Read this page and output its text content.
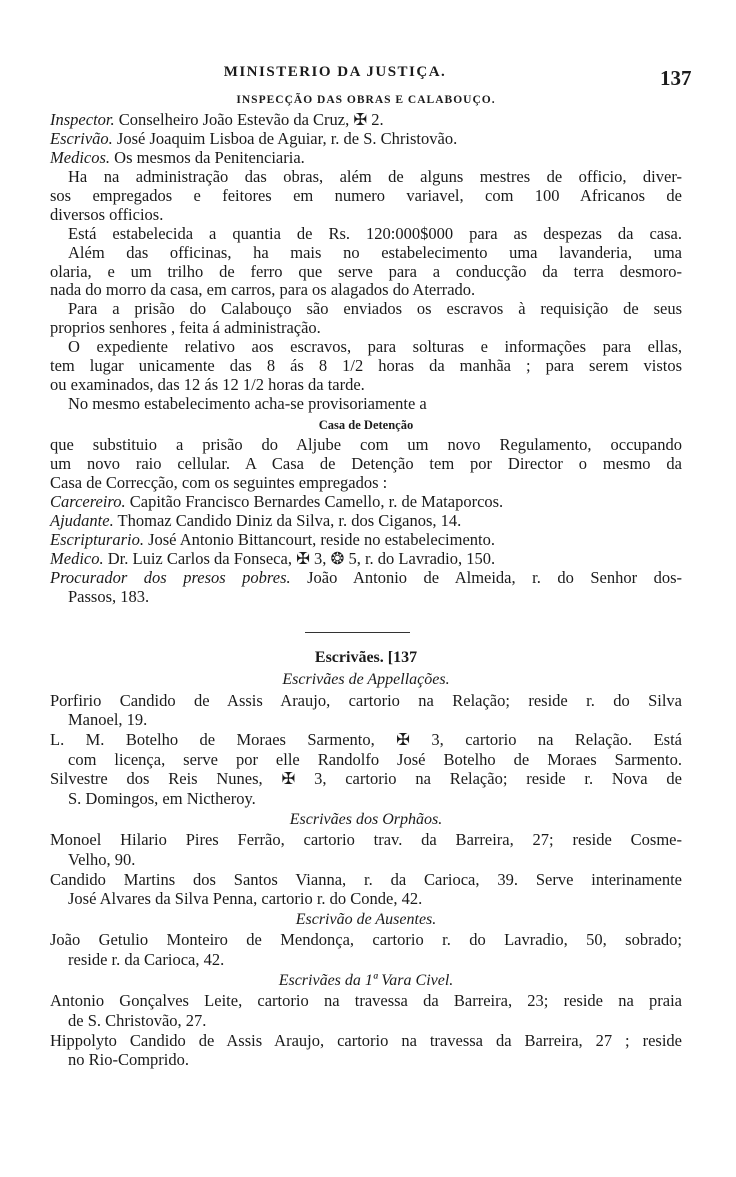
MINISTERIO DA JUSTIÇA.	137
INSPECÇÃO DAS OBRAS E CALABOUÇO.
Inspector. Conselheiro João Estevão da Cruz, ✠ 2.
Escrivão. José Joaquim Lisboa de Aguiar, r. de S. Christovão.
Medicos. Os mesmos da Penitenciaria.
Ha na administração das obras, além de alguns mestres de officio, diver-
sos empregados e feitores em numero variavel, com 100 Africanos de
diversos officios.
Está estabelecida a quantia de Rs. 120:000$000 para as despezas da casa.
Além das officinas, ha mais no estabelecimento uma lavanderia, uma
olaria, e um trilho de ferro que serve para a conducção da terra desmoro-
nada do morro da casa, em carros, para os alagados do Aterrado.
Para a prisão do Calabouço são enviados os escravos à requisição de seus
proprios senhores , feita á administração.
O expediente relativo aos escravos, para solturas e informações para ellas,
tem lugar unicamente das 8 ás 8 1/2 horas da manhãa ; para serem vistos
ou examinados, das 12 ás 12 1/2 horas da tarde.
No mesmo estabelecimento acha-se provisoriamente a
Casa de Detenção
que substituio a prisão do Aljube com um novo Regulamento, occupando
um novo raio cellular. A Casa de Detenção tem por Director o mesmo da
Casa de Correcção, com os seguintes empregados :
Carcereiro. Capitão Francisco Bernardes Camello, r. de Mataporcos.
Ajudante. Thomaz Candido Diniz da Silva, r. dos Ciganos, 14.
Escripturario. José Antonio Bittancourt, reside no estabelecimento.
Medico. Dr. Luiz Carlos da Fonseca, ✠ 3, ❂ 5, r. do Lavradio, 150.
Procurador dos presos pobres. João Antonio de Almeida, r. do Senhor dos-
Passos, 183.
Escrivães. [137
Escrivães de Appellações.
Porfirio Candido de Assis Araujo, cartorio na Relação; reside r. do Silva
Manoel, 19.
L. M. Botelho de Moraes Sarmento, ✠ 3, cartorio na Relação. Está
com licença, serve por elle Randolfo José Botelho de Moraes Sarmento.
Silvestre dos Reis Nunes, ✠ 3, cartorio na Relação; reside r. Nova de
S. Domingos, em Nictheroy.
Escrivães dos Orphãos.
Monoel Hilario Pires Ferrão, cartorio trav. da Barreira, 27; reside Cosme-
Velho, 90.
Candido Martins dos Santos Vianna, r. da Carioca, 39. Serve interinamente
José Alvares da Silva Penna, cartorio r. do Conde, 42.
Escrivão de Ausentes.
João Getulio Monteiro de Mendonça, cartorio r. do Lavradio, 50, sobrado;
reside r. da Carioca, 42.
Escrivães da 1ª Vara Civel.
Antonio Gonçalves Leite, cartorio na travessa da Barreira, 23; reside na praia
de S. Christovão, 27.
Hippolyto Candido de Assis Araujo, cartorio na travessa da Barreira, 27 ; reside
no Rio-Comprido.
